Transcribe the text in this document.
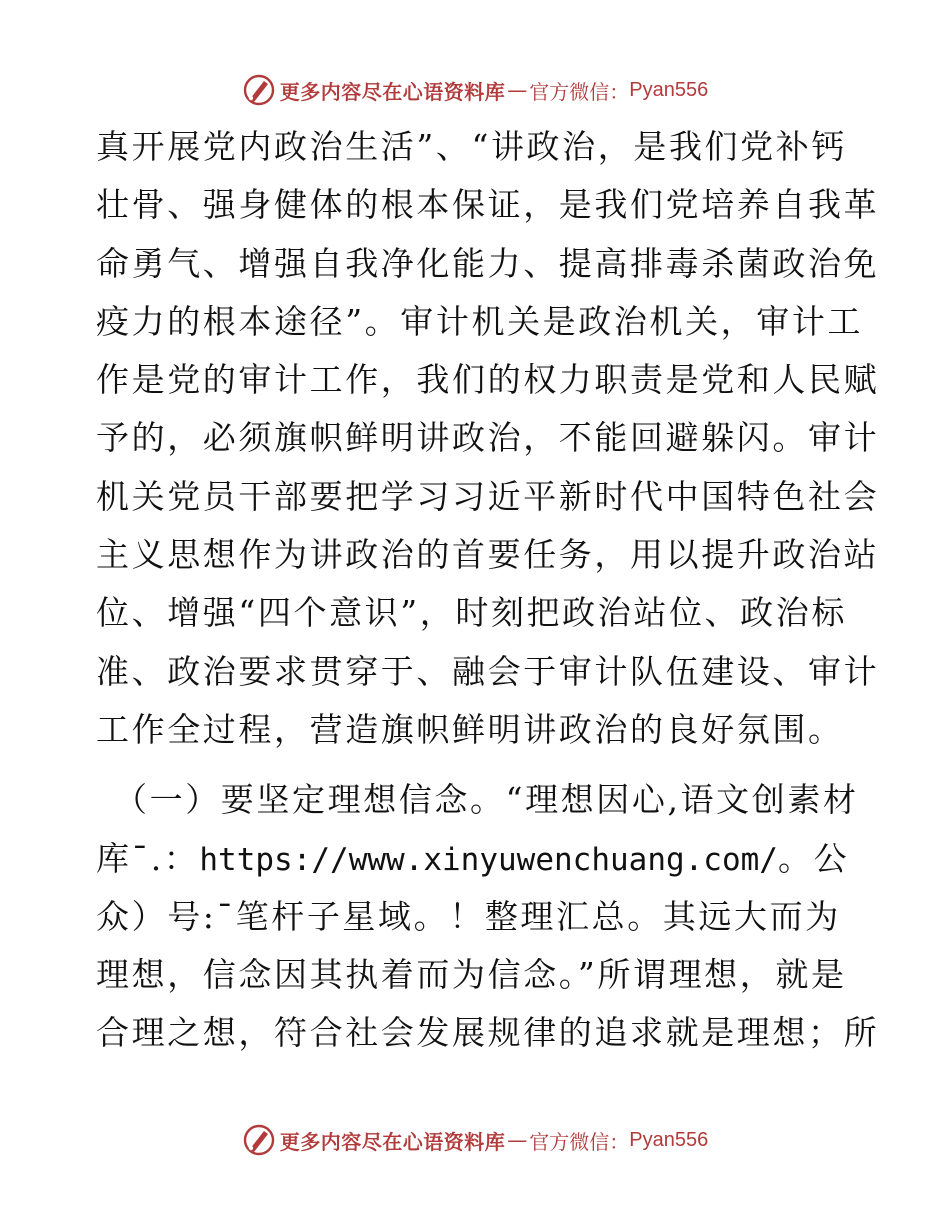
更多内容尽在心语资料库 — 官方微信： Pyan556
真开展党内政治生活”、“讲政治，是我们党补钙
壮骨、强身健体的根本保证，是我们党培养自我革
命勇气、增强自我净化能力、提高排毒杀菌政治免
疫力的根本途径”。审计机关是政治机关，审计工
作是党的审计工作，我们的权力职责是党和人民赋
予的，必须旗帜鲜明讲政治，不能回避躲闪。审计
机关党员干部要把学习习近平新时代中国特色社会
主义思想作为讲政治的首要任务，用以提升政治站
位、增强“四个意识”，时刻把政治站位、政治标
准、政治要求贯穿于、融会于审计队伍建设、审计
工作全过程，营造旗帜鲜明讲政治的良好氛围。
（一）要坚定理想信念。“理想因心,语文创素材
库¯.：https://www.xinyuwenchuang.com/。公
众）号:¯笔杆子星域。！整理汇总。其远大而为
理想，信念因其执着而为信念。”所谓理想，就是
合理之想，符合社会发展规律的追求就是理想；所
更多内容尽在心语资料库 — 官方微信： Pyan556
